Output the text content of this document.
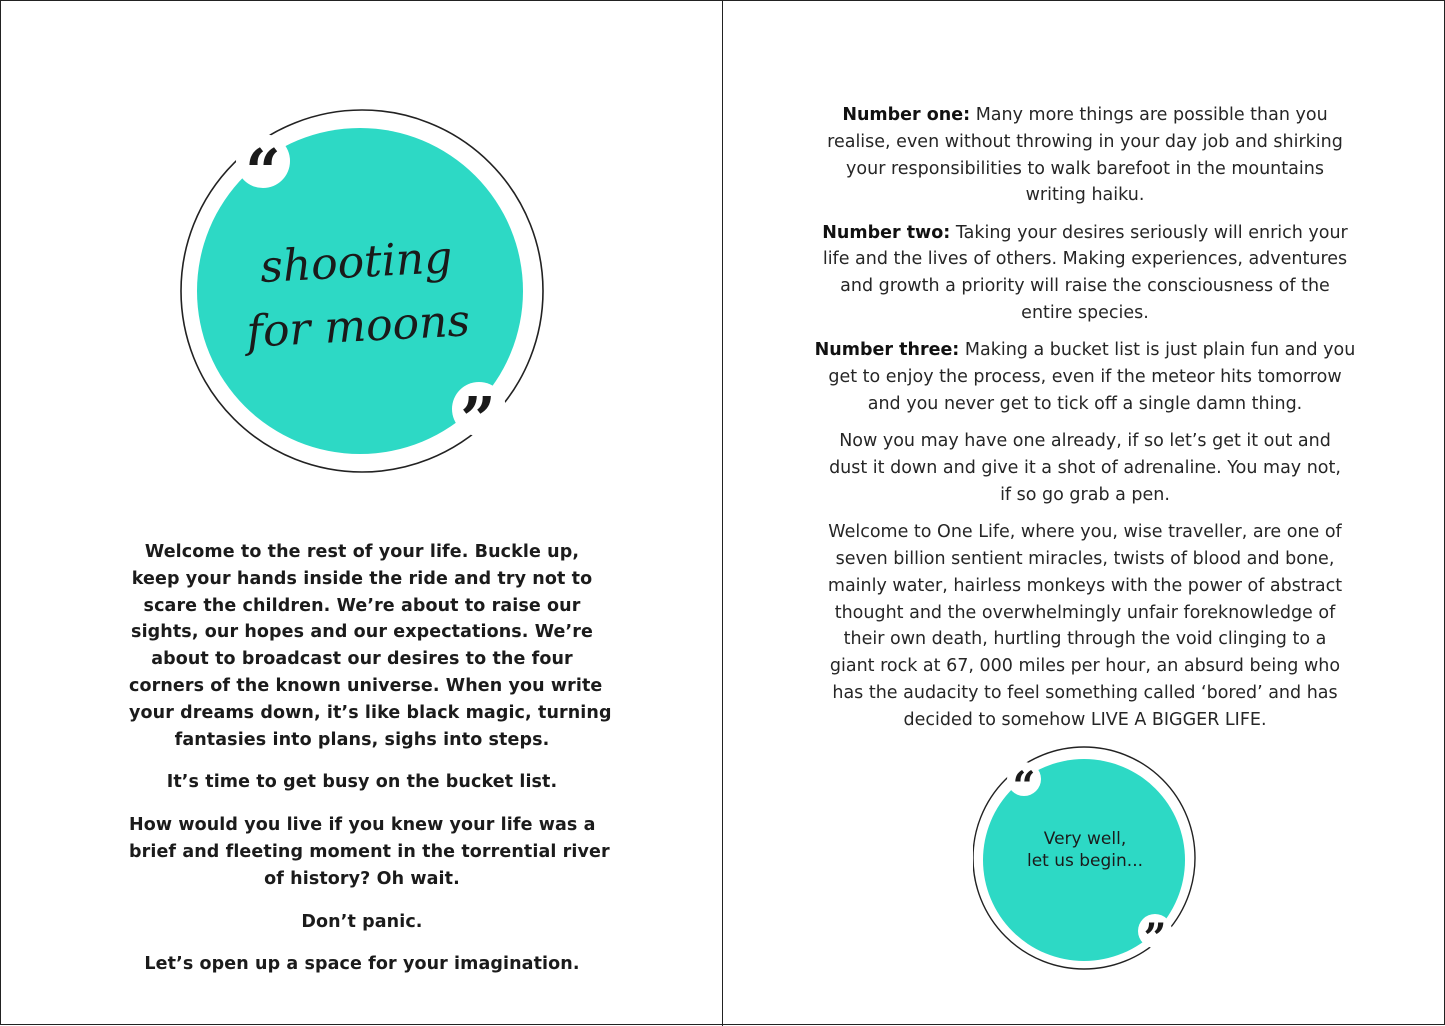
“
”
shooting
for moons

Welcome to the rest of your life. Buckle up,
keep your hands inside the ride and try not to
scare the children. We’re about to raise our
sights, our hopes and our expectations. We’re
about to broadcast our desires to the four
corners of the known universe. When you write
your dreams down, it’s like black magic, turning
fantasies into plans, sighs into steps.

It’s time to get busy on the bucket list.

How would you live if you knew your life was a
brief and fleeting moment in the torrential river
of history? Oh wait.

Don’t panic.

Let’s open up a space for your imagination.

Number one: Many more things are possible than you
realise, even without throwing in your day job and shirking
your responsibilities to walk barefoot in the mountains
writing haiku.

Number two: Taking your desires seriously will enrich your
life and the lives of others. Making experiences, adventures
and growth a priority will raise the consciousness of the
entire species.

Number three: Making a bucket list is just plain fun and you
get to enjoy the process, even if the meteor hits tomorrow
and you never get to tick off a single damn thing.

Now you may have one already, if so let’s get it out and
dust it down and give it a shot of adrenaline. You may not,
if so go grab a pen.

Welcome to One Life, where you, wise traveller, are one of
seven billion sentient miracles, twists of blood and bone,
mainly water, hairless monkeys with the power of abstract
thought and the overwhelmingly unfair foreknowledge of
their own death, hurtling through the void clinging to a
giant rock at 67, 000 miles per hour, an absurd being who
has the audacity to feel something called ‘bored’ and has
decided to somehow LIVE A BIGGER LIFE.

“
”
Very well,
let us begin...
